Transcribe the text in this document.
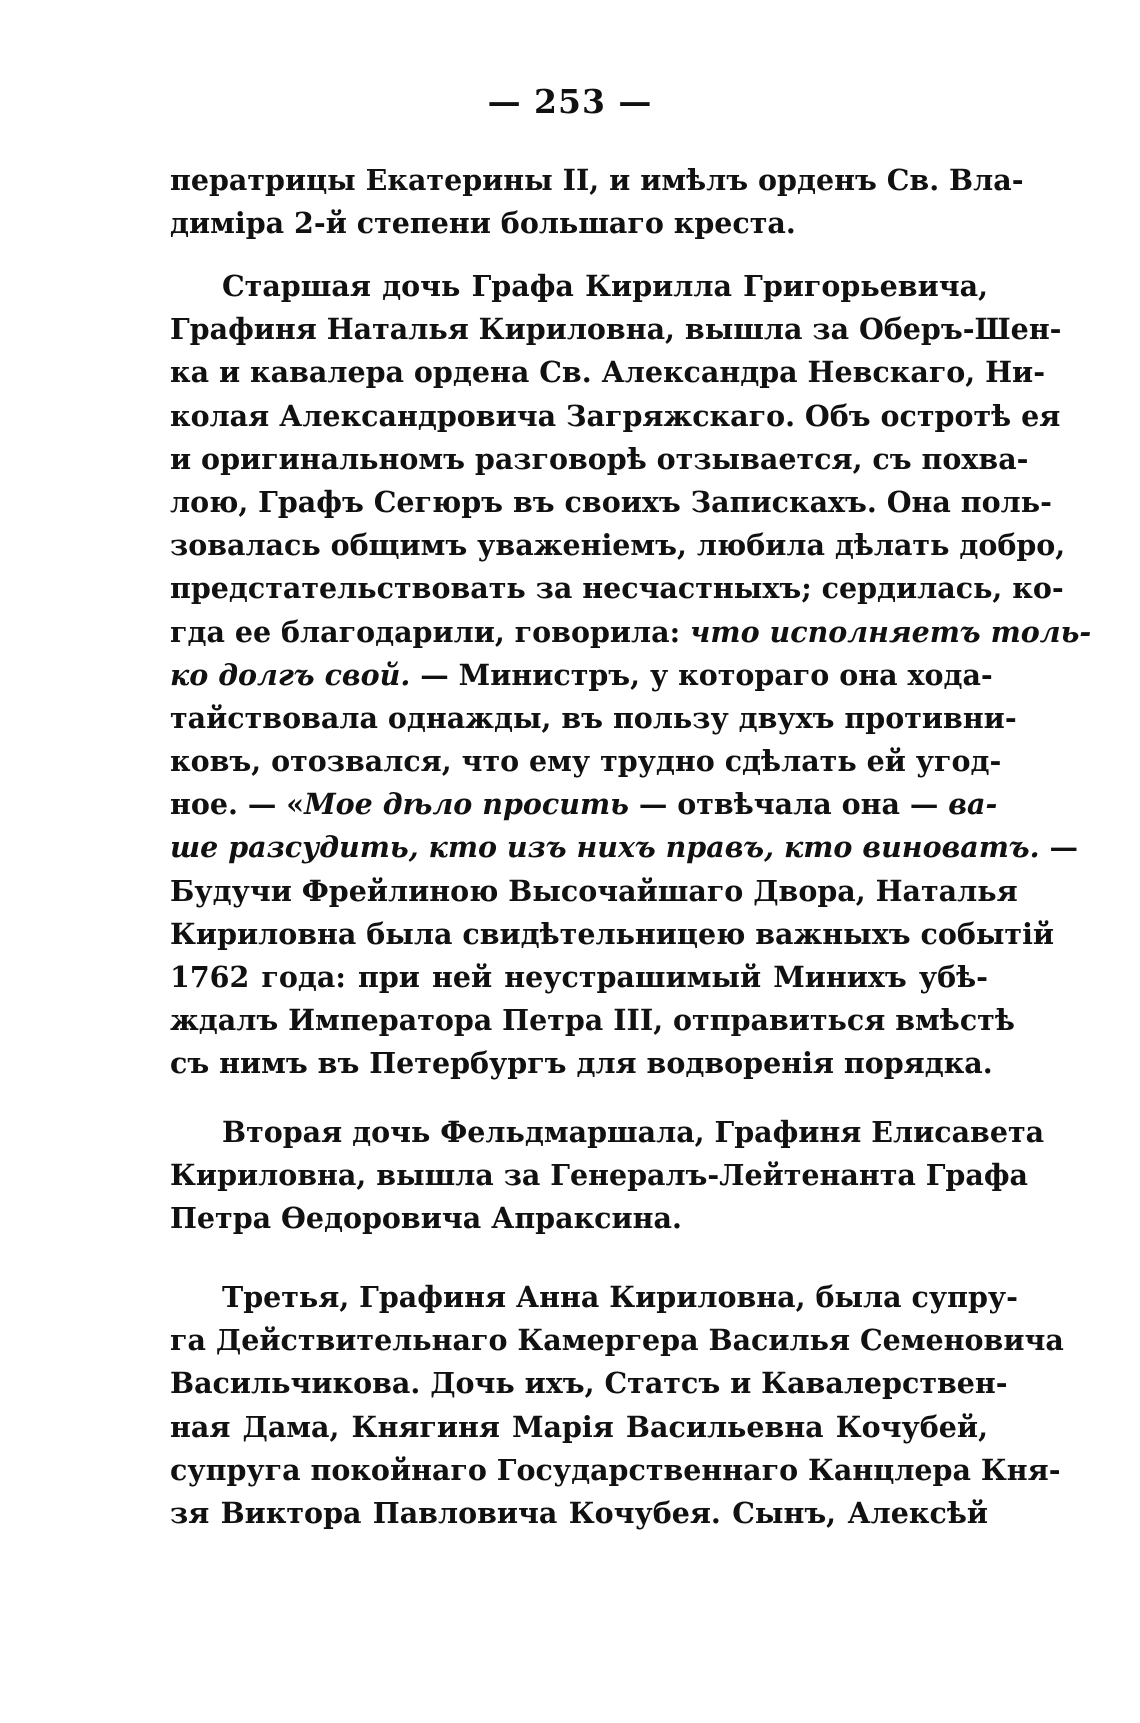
— 253 —
ператрицы Екатерины II, и имѣлъ орденъ Св. Вла-
диміра 2-й степени большаго креста.
Старшая дочь Графа Кирилла Григорьевича,
Графиня Наталья Кириловна, вышла за Оберъ-Шен-
ка и кавалера ордена Св. Александра Невскаго, Ни-
колая Александровича Загряжскаго. Объ остротѣ ея
и оригинальномъ разговорѣ отзывается, съ похва-
лою, Графъ Сегюръ въ своихъ Запискахъ. Она поль-
зовалась общимъ уваженіемъ, любила дѣлать добро,
предстательствовать за несчастныхъ; сердилась, ко-
гда ее благодарили, говорила: что исполняетъ толь-
ко долгъ свой. — Министръ, у котораго она хода-
тайствовала однажды, въ пользу двухъ противни-
ковъ, отозвался, что ему трудно сдѣлать ей угод-
ное. — «Мое дѣло просить — отвѣчала она — ва-
ше разсудить, кто изъ нихъ правъ, кто виноватъ. —
Будучи Фрейлиною Высочайшаго Двора, Наталья
Кириловна была свидѣтельницею важныхъ событій
1762 года: при ней неустрашимый Минихъ убѣ-
ждалъ Императора Петра III, отправиться вмѣстѣ
съ нимъ въ Петербургъ для водворенія порядка.
Вторая дочь Фельдмаршала, Графиня Елисавета
Кириловна, вышла за Генералъ-Лейтенанта Графа
Петра Ѳедоровича Апраксина.
Третья, Графиня Анна Кириловна, была супру-
га Действительнаго Камергера Василья Семеновича
Васильчикова. Дочь ихъ, Статсъ и Кавалерствен-
ная Дама, Княгиня Марія Васильевна Кочубей,
супруга покойнаго Государственнаго Канцлера Кня-
зя Виктора Павловича Кочубея. Сынъ, Алексѣй
